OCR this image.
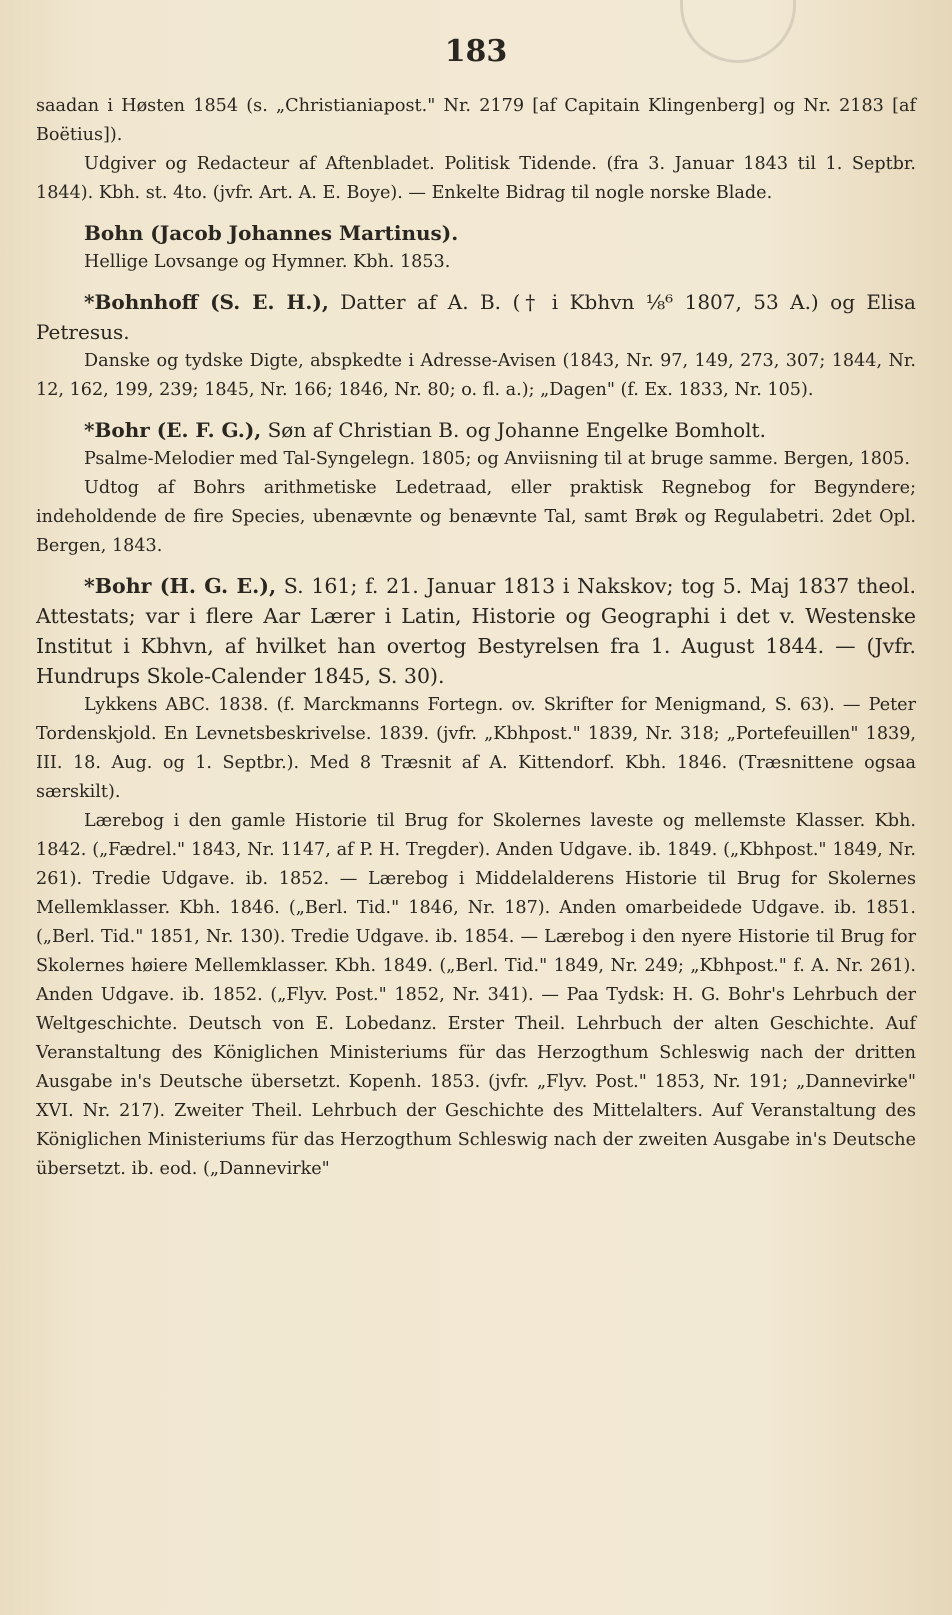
183

saadan i Høsten 1854 (s. „Christianiapost." Nr. 2179 [af Capitain Klingenberg] og Nr. 2183 [af Boëtius]).

Udgiver og Redacteur af Aftenbladet. Politisk Tidende. (fra 3. Januar 1843 til 1. Septbr. 1844). Kbh. st. 4to. (jvfr. Art. A. E. Boye). — Enkelte Bidrag til nogle norske Blade.

Bohn (Jacob Johannes Martinus).

Hellige Lovsange og Hymner. Kbh. 1853.

*Bohnhoff (S. E. H.), Datter af A. B. († i Kbhvn ⅛⁶ 1807, 53 A.) og Elisa Petresus.

Danske og tydske Digte, abspkedte i Adresse-Avisen (1843, Nr. 97, 149, 273, 307; 1844, Nr. 12, 162, 199, 239; 1845, Nr. 166; 1846, Nr. 80; o. fl. a.); „Dagen" (f. Ex. 1833, Nr. 105).

*Bohr (E. F. G.), Søn af Christian B. og Johanne Engelke Bomholt.

Psalme-Melodier med Tal-Syngelegn. 1805; og Anviisning til at bruge samme. Bergen, 1805.

Udtog af Bohrs arithmetiske Ledetraad, eller praktisk Regnebog for Begyndere; indeholdende de fire Species, ubenævnte og benævnte Tal, samt Brøk og Regulabetri. 2det Opl. Bergen, 1843.

*Bohr (H. G. E.), S. 161; f. 21. Januar 1813 i Nakskov; tog 5. Maj 1837 theol. Attestats; var i flere Aar Lærer i Latin, Historie og Geographi i det v. Westenske Institut i Kbhvn, af hvilket han overtog Bestyrelsen fra 1. August 1844. — (Jvfr. Hundrups Skole-Calender 1845, S. 30).

Lykkens ABC. 1838. (f. Marckmanns Fortegn. ov. Skrifter for Menigmand, S. 63). — Peter Tordenskjold. En Levnetsbeskrivelse. 1839. (jvfr. „Kbhpost." 1839, Nr. 318; „Portefeuillen" 1839, III. 18. Aug. og 1. Septbr.). Med 8 Træsnit af A. Kittendorf. Kbh. 1846. (Træsnittene ogsaa særskilt).

Lærebog i den gamle Historie til Brug for Skolernes laveste og mellemste Klasser. Kbh. 1842. („Fædrel." 1843, Nr. 1147, af P. H. Tregder). Anden Udgave. ib. 1849. („Kbhpost." 1849, Nr. 261). Tredie Udgave. ib. 1852. — Lærebog i Middelalderens Historie til Brug for Skolernes Mellemklasser. Kbh. 1846. („Berl. Tid." 1846, Nr. 187). Anden omarbeidede Udgave. ib. 1851. („Berl. Tid." 1851, Nr. 130). Tredie Udgave. ib. 1854. — Lærebog i den nyere Historie til Brug for Skolernes høiere Mellemklasser. Kbh. 1849. („Berl. Tid." 1849, Nr. 249; „Kbhpost." f. A. Nr. 261). Anden Udgave. ib. 1852. („Flyv. Post." 1852, Nr. 341). — Paa Tydsk: H. G. Bohr's Lehrbuch der Weltgeschichte. Deutsch von E. Lobedanz. Erster Theil. Lehrbuch der alten Geschichte. Auf Veranstaltung des Königlichen Ministeriums für das Herzogthum Schleswig nach der dritten Ausgabe in's Deutsche übersetzt. Kopenh. 1853. (jvfr. „Flyv. Post." 1853, Nr. 191; „Dannevirke" XVI. Nr. 217). Zweiter Theil. Lehrbuch der Geschichte des Mittelalters. Auf Veranstaltung des Königlichen Ministeriums für das Herzogthum Schleswig nach der zweiten Ausgabe in's Deutsche übersetzt. ib. eod. („Dannevirke"
